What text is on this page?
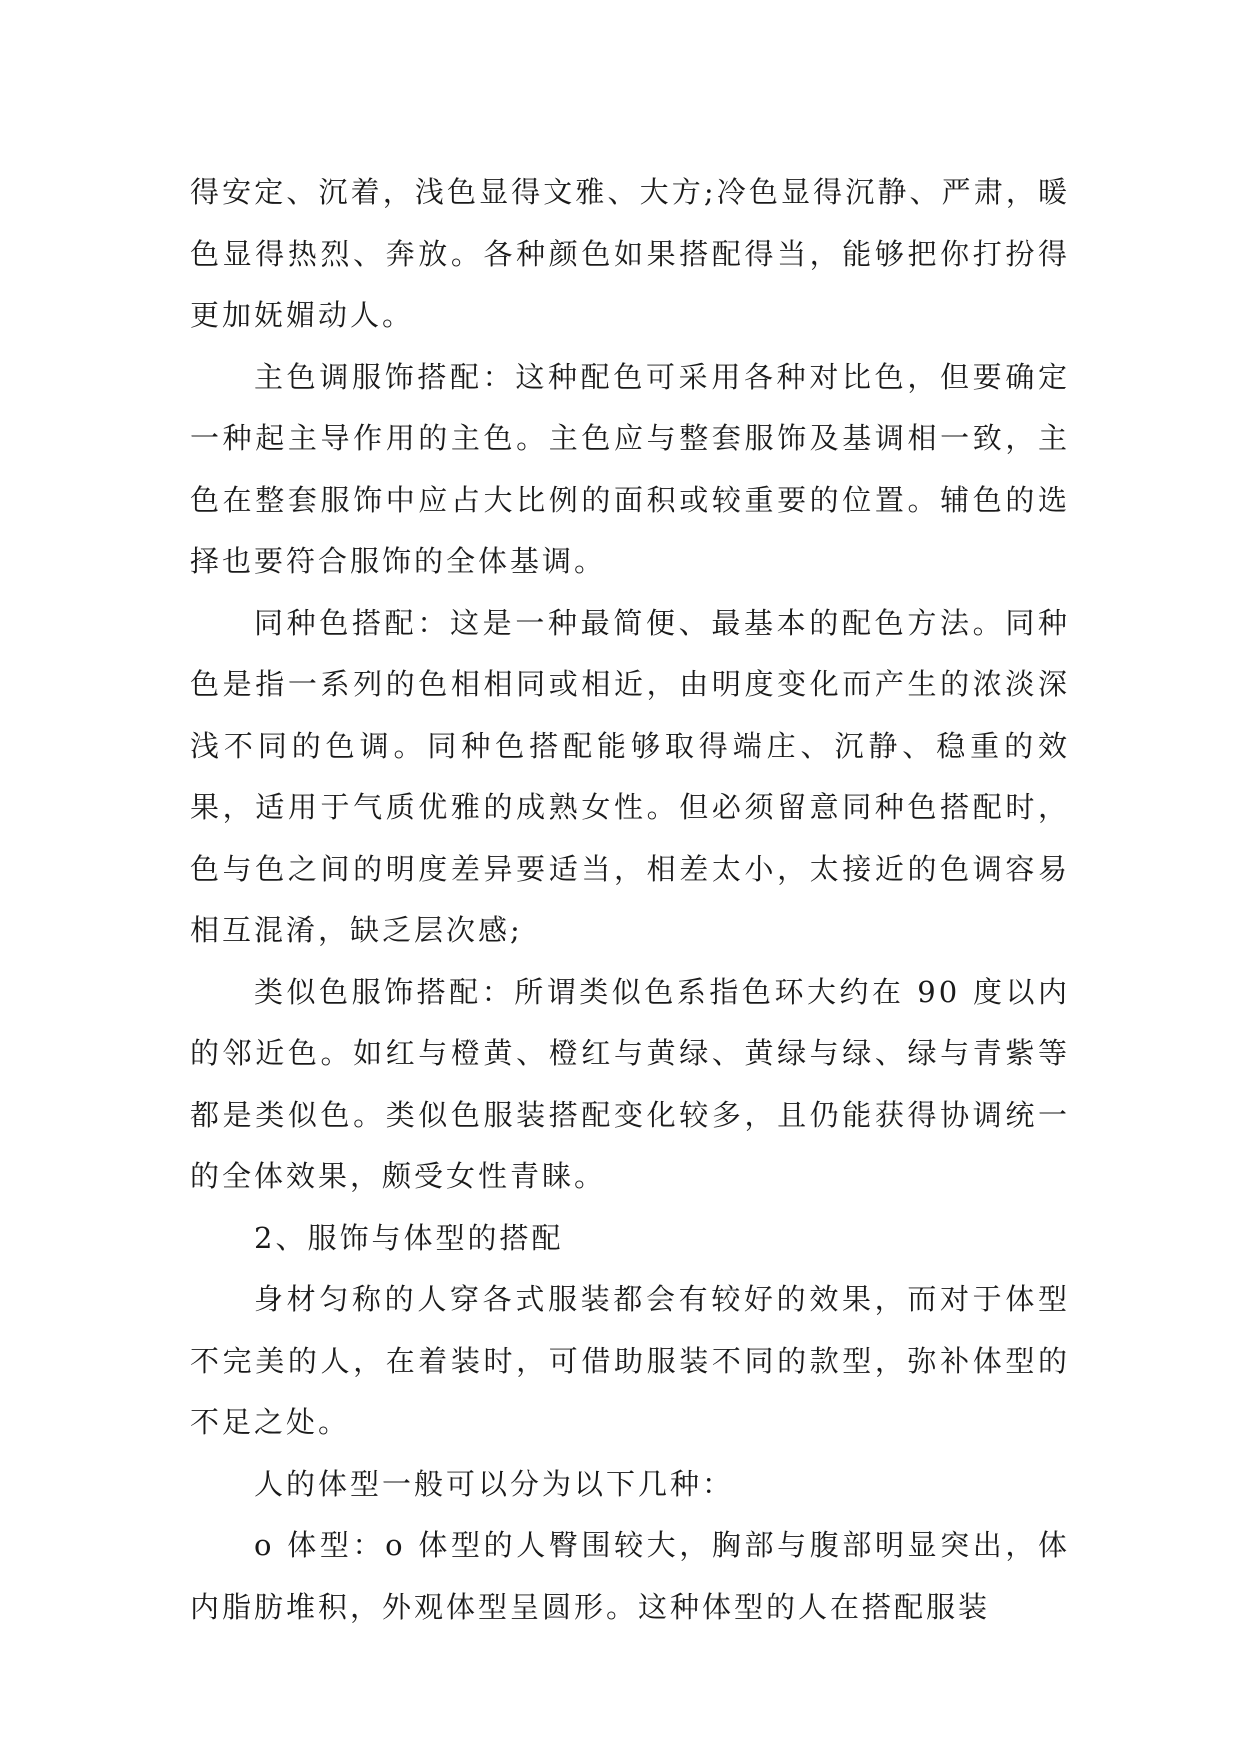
得安定、沉着，浅色显得文雅、大方;冷色显得沉静、严肃，暖色显得热烈、奔放。各种颜色如果搭配得当，能够把你打扮得更加妩媚动人。

主色调服饰搭配：这种配色可采用各种对比色，但要确定一种起主导作用的主色。主色应与整套服饰及基调相一致，主色在整套服饰中应占大比例的面积或较重要的位置。辅色的选择也要符合服饰的全体基调。

同种色搭配：这是一种最简便、最基本的配色方法。同种色是指一系列的色相相同或相近，由明度变化而产生的浓淡深浅不同的色调。同种色搭配能够取得端庄、沉静、稳重的效果，适用于气质优雅的成熟女性。但必须留意同种色搭配时，色与色之间的明度差异要适当，相差太小，太接近的色调容易相互混淆，缺乏层次感;

类似色服饰搭配：所谓类似色系指色环大约在 90 度以内的邻近色。如红与橙黄、橙红与黄绿、黄绿与绿、绿与青紫等都是类似色。类似色服装搭配变化较多，且仍能获得协调统一的全体效果，颇受女性青睐。

2、服饰与体型的搭配

身材匀称的人穿各式服装都会有较好的效果，而对于体型不完美的人，在着装时，可借助服装不同的款型，弥补体型的不足之处。

人的体型一般可以分为以下几种：

o 体型：o 体型的人臀围较大，胸部与腹部明显突出，体内脂肪堆积，外观体型呈圆形。这种体型的人在搭配服装
